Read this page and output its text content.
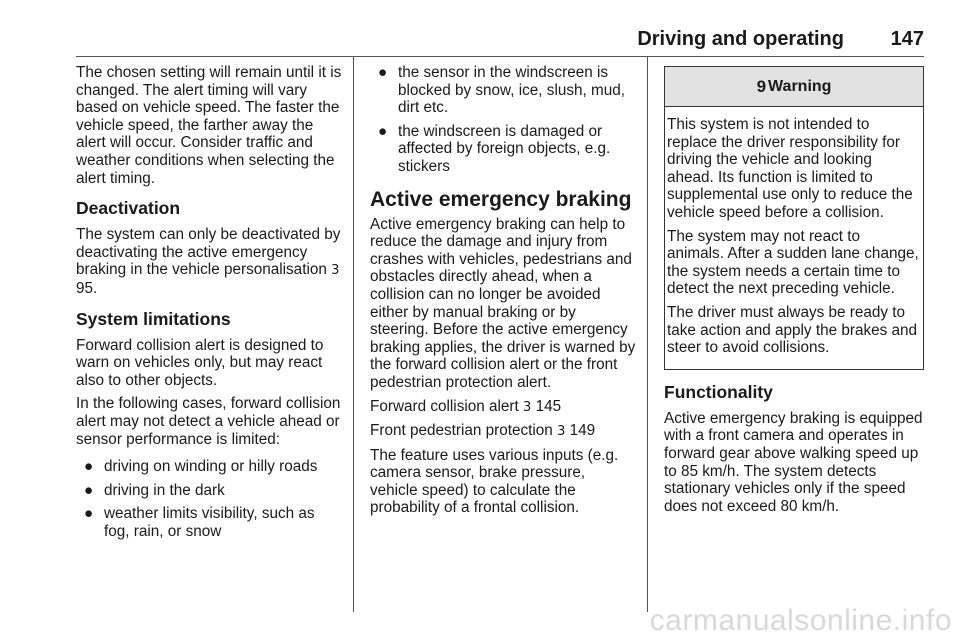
Driving and operating 147

The chosen setting will remain until it is changed. The alert timing will vary based on vehicle speed. The faster the vehicle speed, the farther away the alert will occur. Consider traffic and weather conditions when selecting the alert timing.

Deactivation

The system can only be deactivated by deactivating the active emergency braking in the vehicle personalisation 3 95.

System limitations

Forward collision alert is designed to warn on vehicles only, but may react also to other objects.

In the following cases, forward collision alert may not detect a vehicle ahead or sensor performance is limited:

● driving on winding or hilly roads
● driving in the dark
● weather limits visibility, such as fog, rain, or snow
● the sensor in the windscreen is blocked by snow, ice, slush, mud, dirt etc.
● the windscreen is damaged or affected by foreign objects, e.g. stickers
Active emergency braking

Active emergency braking can help to reduce the damage and injury from crashes with vehicles, pedestrians and obstacles directly ahead, when a collision can no longer be avoided either by manual braking or by steering. Before the active emergency braking applies, the driver is warned by the forward collision alert or the front pedestrian protection alert.

Forward collision alert 3 145

Front pedestrian protection 3 149

The feature uses various inputs (e.g. camera sensor, brake pressure, vehicle speed) to calculate the probability of a frontal collision.

9 Warning

This system is not intended to replace the driver responsibility for driving the vehicle and looking ahead. Its function is limited to supplemental use only to reduce the vehicle speed before a collision.

The system may not react to animals. After a sudden lane change, the system needs a certain time to detect the next preceding vehicle.

The driver must always be ready to take action and apply the brakes and steer to avoid collisions.

Functionality

Active emergency braking is equipped with a front camera and operates in forward gear above walking speed up to 85 km/h. The system detects stationary vehicles only if the speed does not exceed 80 km/h.

carmanualsonline.info
